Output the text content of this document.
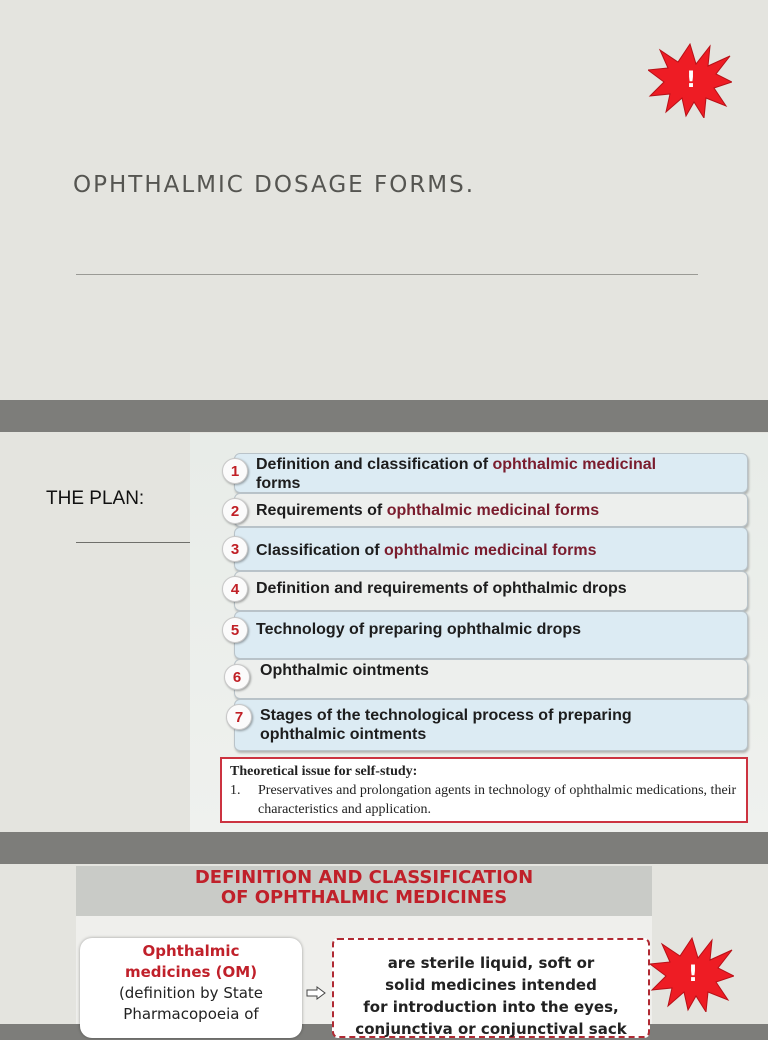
!
OPHTHALMIC DOSAGE FORMS.
THE PLAN:
1	Definition and classification of ophthalmic medicinal
forms
2	Requirements of ophthalmic medicinal forms
3	Classification of ophthalmic medicinal forms
4	Definition and requirements of ophthalmic drops
5	Technology of preparing ophthalmic drops
6	Ophthalmic ointments
7	Stages of the technological process of preparing
ophthalmic ointments
Theoretical issue for self-study:
1.	Preservatives and prolongation agents in technology of ophthalmic medications, their characteristics and application.
DEFINITION AND CLASSIFICATION
OF OPHTHALMIC MEDICINES
Ophthalmic
medicines (OM)
(definition by State
Pharmacopoeia of
are sterile liquid, soft or
solid medicines intended
for introduction into the eyes,
conjunctiva or conjunctival sack
!
